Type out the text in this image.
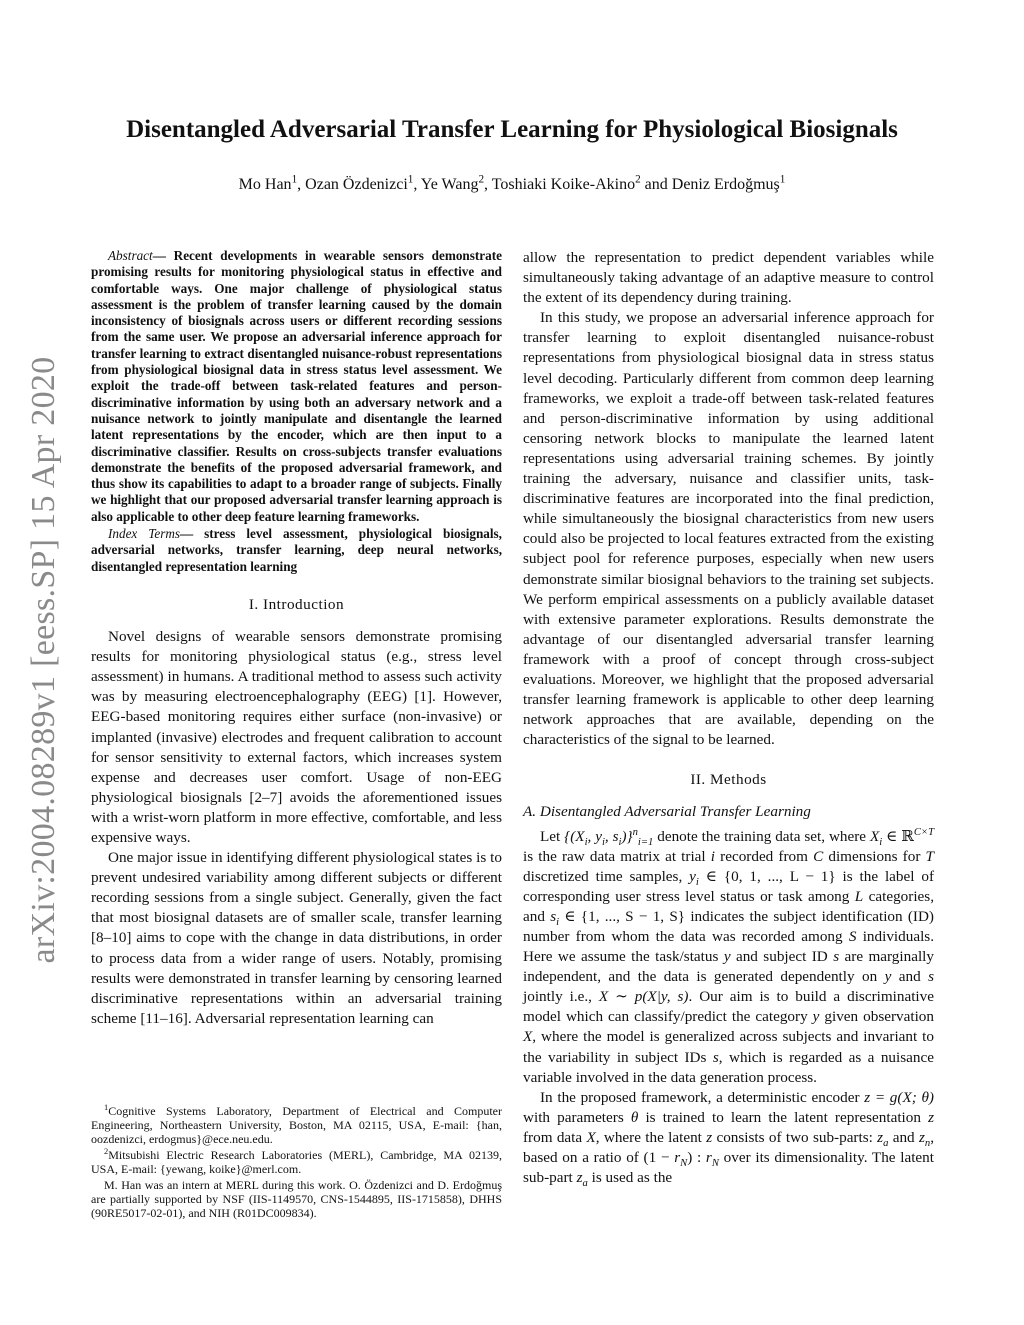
arXiv:2004.08289v1 [eess.SP] 15 Apr 2020
Disentangled Adversarial Transfer Learning for Physiological Biosignals

Mo Han$^1$, Ozan Özdenizci$^1$, Ye Wang$^2$, Toshiaki Koike-Akino$^2$ and Deniz Erdoğmuş$^1$

Abstract— Recent developments in wearable sensors demonstrate promising results for monitoring physiological status in effective and comfortable ways. One major challenge of physiological status assessment is the problem of transfer learning caused by the domain inconsistency of biosignals across users or different recording sessions from the same user. We propose an adversarial inference approach for transfer learning to extract disentangled nuisance-robust representations from physiological biosignal data in stress status level assessment. We exploit the trade-off between task-related features and person-discriminative information by using both an adversary network and a nuisance network to jointly manipulate and disentangle the learned latent representations by the encoder, which are then input to a discriminative classifier. Results on cross-subjects transfer evaluations demonstrate the benefits of the proposed adversarial framework, and thus show its capabilities to adapt to a broader range of subjects. Finally we highlight that our proposed adversarial transfer learning approach is also applicable to other deep feature learning frameworks.

Index Terms— stress level assessment, physiological biosignals, adversarial networks, transfer learning, deep neural networks, disentangled representation learning

I. Introduction

Novel designs of wearable sensors demonstrate promising results for monitoring physiological status (e.g., stress level assessment) in humans. A traditional method to assess such activity was by measuring electroencephalography (EEG) [1]. However, EEG-based monitoring requires either surface (non-invasive) or implanted (invasive) electrodes and frequent calibration to account for sensor sensitivity to external factors, which increases system expense and decreases user comfort. Usage of non-EEG physiological biosignals [2–7] avoids the aforementioned issues with a wrist-worn platform in more effective, comfortable, and less expensive ways.

One major issue in identifying different physiological states is to prevent undesired variability among different subjects or different recording sessions from a single subject. Generally, given the fact that most biosignal datasets are of smaller scale, transfer learning [8–10] aims to cope with the change in data distributions, in order to process data from a wider range of users. Notably, promising results were demonstrated in transfer learning by censoring learned discriminative representations within an adversarial training scheme [11–16]. Adversarial representation learning can

$^1$Cognitive Systems Laboratory, Department of Electrical and Computer Engineering, Northeastern University, Boston, MA 02115, USA, E-mail: {han, oozdenizci, erdogmus}@ece.neu.edu.

$^2$Mitsubishi Electric Research Laboratories (MERL), Cambridge, MA 02139, USA, E-mail: {yewang, koike}@merl.com.

M. Han was an intern at MERL during this work. O. Özdenizci and D. Erdoğmuş are partially supported by NSF (IIS-1149570, CNS-1544895, IIS-1715858), DHHS (90RE5017-02-01), and NIH (R01DC009834).

allow the representation to predict dependent variables while simultaneously taking advantage of an adaptive measure to control the extent of its dependency during training.

In this study, we propose an adversarial inference approach for transfer learning to exploit disentangled nuisance-robust representations from physiological biosignal data in stress status level decoding. Particularly different from common deep learning frameworks, we exploit a trade-off between task-related features and person-discriminative information by using additional censoring network blocks to manipulate the learned latent representations using adversarial training schemes. By jointly training the adversary, nuisance and classifier units, task-discriminative features are incorporated into the final prediction, while simultaneously the biosignal characteristics from new users could also be projected to local features extracted from the existing subject pool for reference purposes, especially when new users demonstrate similar biosignal behaviors to the training set subjects. We perform empirical assessments on a publicly available dataset with extensive parameter explorations. Results demonstrate the advantage of our disentangled adversarial transfer learning framework with a proof of concept through cross-subject evaluations. Moreover, we highlight that the proposed adversarial transfer learning framework is applicable to other deep learning network approaches that are available, depending on the characteristics of the signal to be learned.

II. Methods
A. Disentangled Adversarial Transfer Learning

Let {($X_i$, $y_i$, $s_i)\}^n_{i=1}$ denote the training data set, where $X_i$ ∈ ℝ$^{C\times T}$ is the raw data matrix at trial i recorded from C dimensions for T discretized time samples, $y_i$ ∈ {0, 1, ..., L − 1} is the label of corresponding user stress level status or task among L categories, and $s_i$ ∈ {1, ..., S − 1, S} indicates the subject identification (ID) number from whom the data was recorded among S individuals. Here we assume the task/status y and subject ID s are marginally independent, and the data is generated dependently on y and s jointly i.e., X ∼ p(X|y, s). Our aim is to build a discriminative model which can classify/predict the category y given observation X, where the model is generalized across subjects and invariant to the variability in subject IDs s, which is regarded as a nuisance variable involved in the data generation process.

In the proposed framework, a deterministic encoder z = g(X; θ) with parameters θ is trained to learn the latent representation z from data X, where the latent z consists of two sub-parts: $z_a$ and $z_n$, based on a ratio of $(1 - r_N)$ : $r_N$ over its dimensionality. The latent sub-part $z_a$ is used as the
